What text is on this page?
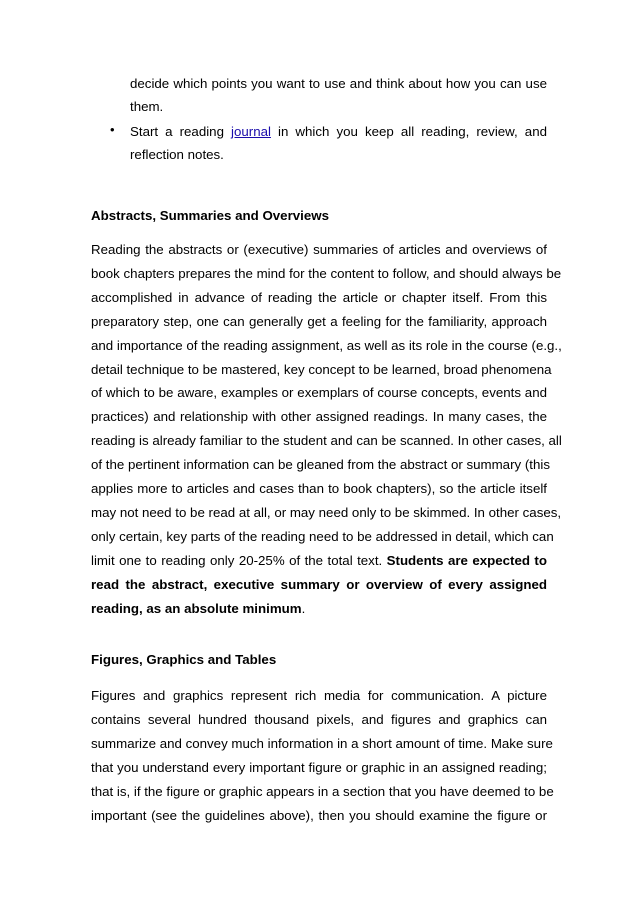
decide which points you want to use and think about how you can use
them.
• Start a reading journal in which you keep all reading, review, and
reflection notes.
Abstracts, Summaries and Overviews
Reading the abstracts or (executive) summaries of articles and overviews of
book chapters prepares the mind for the content to follow, and should always be
accomplished in advance of reading the article or chapter itself. From this
preparatory step, one can generally get a feeling for the familiarity, approach
and importance of the reading assignment, as well as its role in the course (e.g.,
detail technique to be mastered, key concept to be learned, broad phenomena
of which to be aware, examples or exemplars of course concepts, events and
practices) and relationship with other assigned readings. In many cases, the
reading is already familiar to the student and can be scanned. In other cases, all
of the pertinent information can be gleaned from the abstract or summary (this
applies more to articles and cases than to book chapters), so the article itself
may not need to be read at all, or may need only to be skimmed. In other cases,
only certain, key parts of the reading need to be addressed in detail, which can
limit one to reading only 20-25% of the total text. Students are expected to
read the abstract, executive summary or overview of every assigned
reading, as an absolute minimum.
Figures, Graphics and Tables
Figures and graphics represent rich media for communication. A picture
contains several hundred thousand pixels, and figures and graphics can
summarize and convey much information in a short amount of time. Make sure
that you understand every important figure or graphic in an assigned reading;
that is, if the figure or graphic appears in a section that you have deemed to be
important (see the guidelines above), then you should examine the figure or
